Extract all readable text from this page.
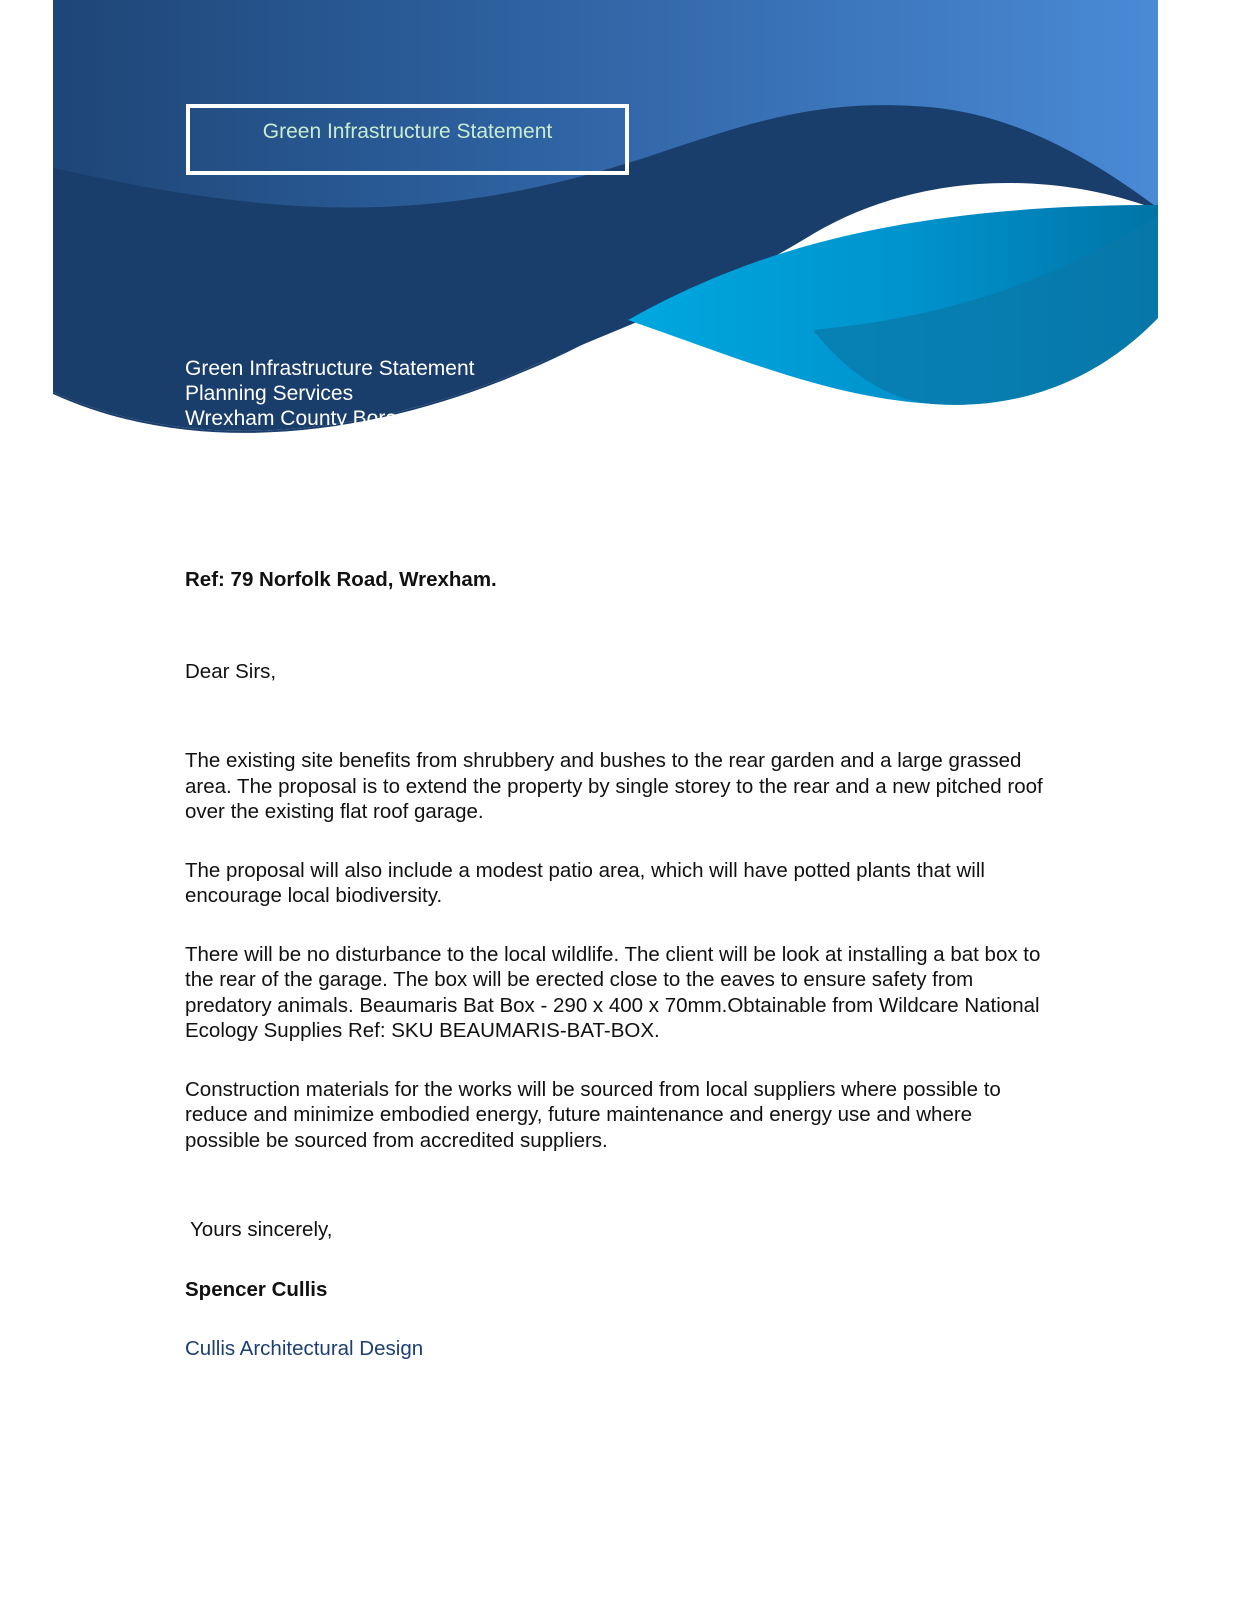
Green Infrastructure Statement
Green Infrastructure Statement
Planning Services
Wrexham County Borough Council

Ref: 79 Norfolk Road, Wrexham.

Dear Sirs,

The existing site benefits from shrubbery and bushes to the rear garden and a large grassed area. The proposal is to extend the property by single storey to the rear and a new pitched roof over the existing flat roof garage.

The proposal will also include a modest patio area, which will have potted plants that will encourage local biodiversity.

There will be no disturbance to the local wildlife. The client will be look at installing a bat box to the rear of the garage. The box will be erected close to the eaves to ensure safety from predatory animals. Beaumaris Bat Box - 290 x 400 x 70mm.Obtainable from Wildcare National Ecology Supplies Ref: SKU BEAUMARIS-BAT-BOX.

Construction materials for the works will be sourced from local suppliers where possible to reduce and minimize embodied energy, future maintenance and energy use and where possible be sourced from accredited suppliers.

Yours sincerely,

Spencer Cullis

Cullis Architectural Design
